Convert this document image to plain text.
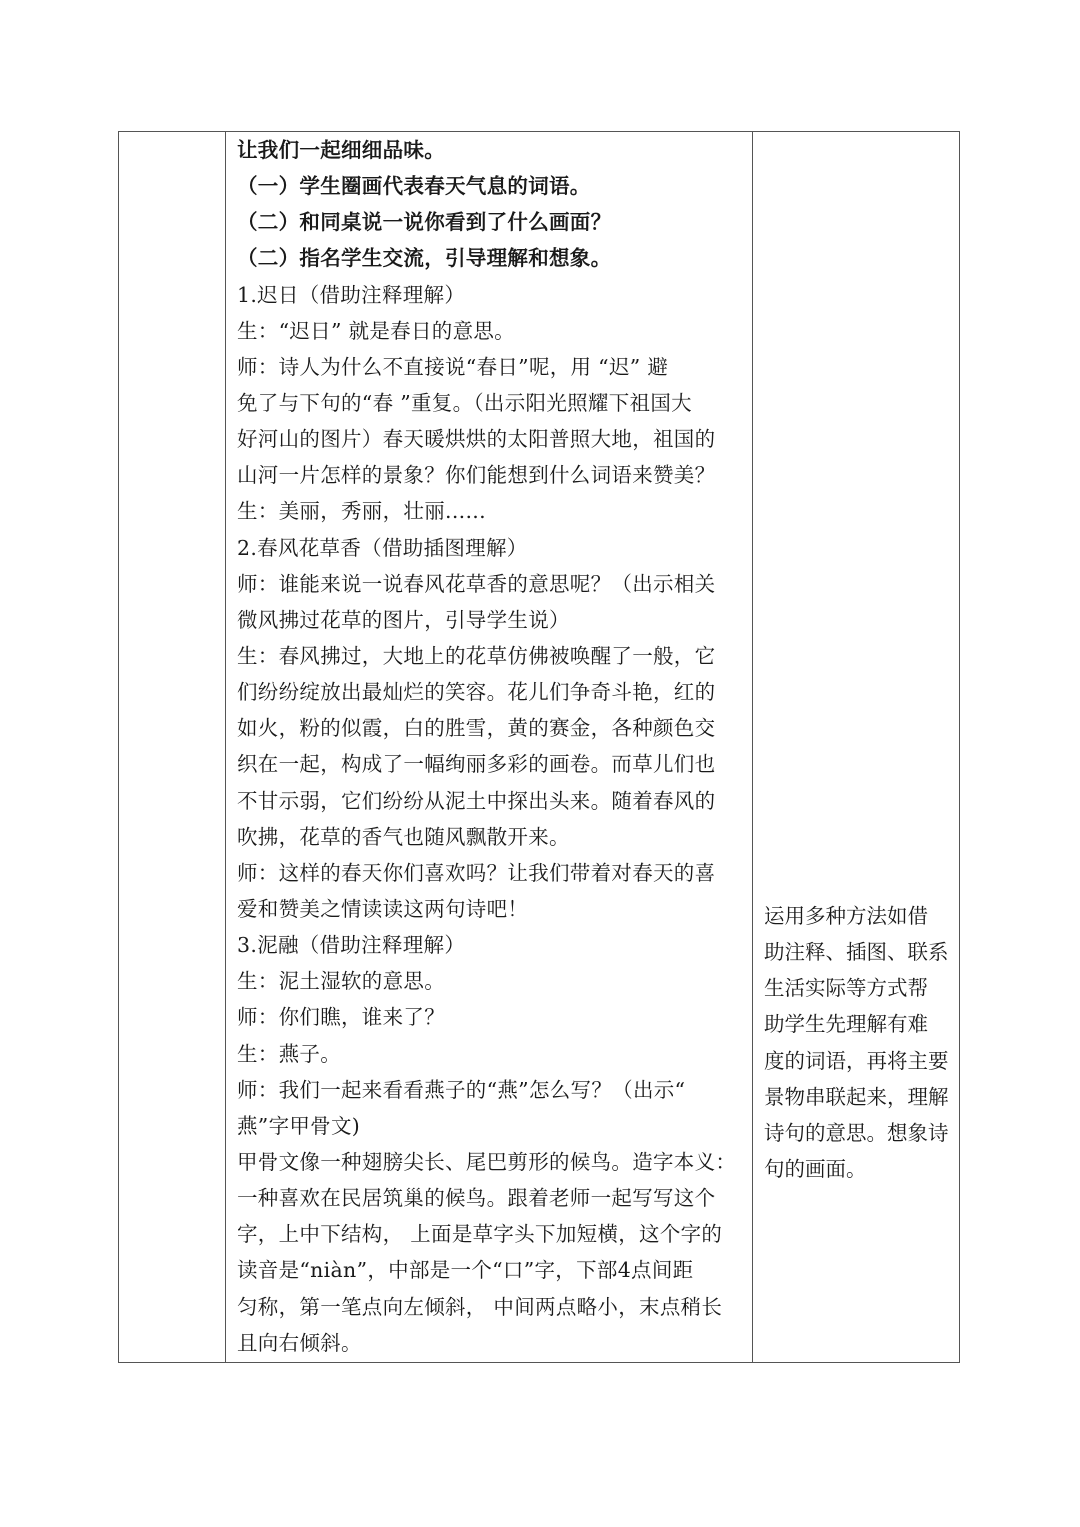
让我们一起细细品味。
（一）学生圈画代表春天气息的词语。
（二）和同桌说一说你看到了什么画面？
（二）指名学生交流，引导理解和想象。
1.迟日（借助注释理解）
生：“迟日” 就是春日的意思。
师：诗人为什么不直接说“春日”呢，用 “迟” 避
免了与下句的“春 ”重复。（出示阳光照耀下祖国大
好河山的图片）春天暖烘烘的太阳普照大地，祖国的
山河一片怎样的景象？你们能想到什么词语来赞美？
生：美丽，秀丽，壮丽......
2.春风花草香（借助插图理解）
师：谁能来说一说春风花草香的意思呢？（出示相关
微风拂过花草的图片，引导学生说）
生：春风拂过，大地上的花草仿佛被唤醒了一般，它
们纷纷绽放出最灿烂的笑容。花儿们争奇斗艳，红的
如火，粉的似霞，白的胜雪，黄的赛金，各种颜色交
织在一起，构成了一幅绚丽多彩的画卷。而草儿们也
不甘示弱，它们纷纷从泥土中探出头来。随着春风的
吹拂，花草的香气也随风飘散开来。
师：这样的春天你们喜欢吗？让我们带着对春天的喜
爱和赞美之情读读这两句诗吧！
3.泥融（借助注释理解）
生：泥土湿软的意思。
师：你们瞧，谁来了？
生：燕子。
师：我们一起来看看燕子的“燕”怎么写？（出示“
燕”字甲骨文)
甲骨文像一种翅膀尖长、尾巴剪形的候鸟。造字本义：
一种喜欢在民居筑巢的候鸟。跟着老师一起写写这个
字，上中下结构， 上面是草字头下加短横，这个字的
读音是“niàn”，中部是一个“口”字，下部4点间距
匀称，第一笔点向左倾斜， 中间两点略小，末点稍长
且向右倾斜。
运用多种方法如借
助注释、插图、联系
生活实际等方式帮
助学生先理解有难
度的词语，再将主要
景物串联起来，理解
诗句的意思。想象诗
句的画面。
